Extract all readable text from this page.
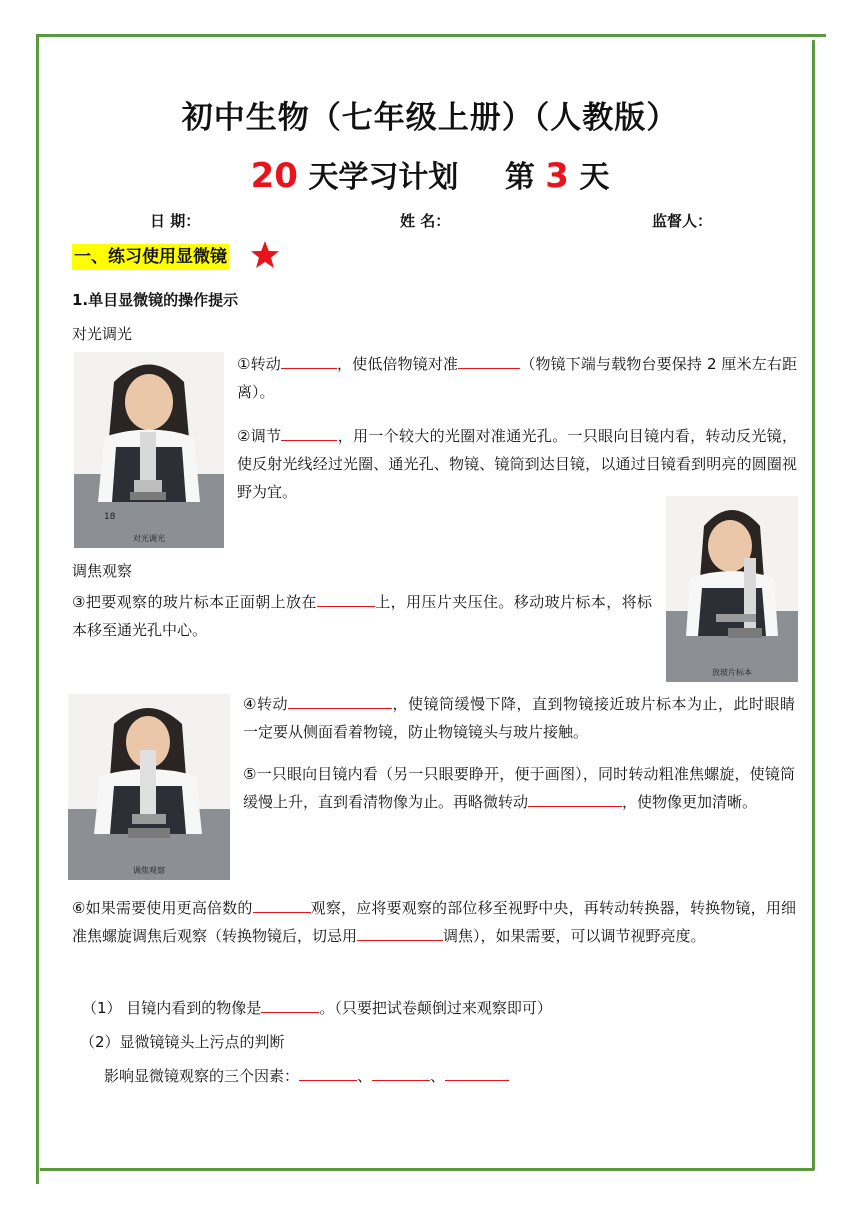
初中生物（七年级上册）（人教版）
20 天学习计划 第 3 天
日 期：	姓 名：	监督人：
一、练习使用显微镜
1.单目显微镜的操作提示
对光调光
18
对光调光
①转动	，使低倍物镜对准	（物镜下端与载物台要保持 2 厘米左右距离）。
②调节	，用一个较大的光圈对准通光孔。一只眼向目镜内看，转动反光镜，使反射光线经过光圈、通光孔、物镜、镜筒到达目镜，以通过目镜看到明亮的圆圈视野为宜。
放玻片标本
调焦观察
③把要观察的玻片标本正面朝上放在	上，用压片夹压住。移动玻片标本，将标本移至通光孔中心。
调焦观察
④转动	，使镜筒缓慢下降，直到物镜接近玻片标本为止，此时眼睛一定要从侧面看着物镜，防止物镜镜头与玻片接触。
⑤一只眼向目镜内看（另一只眼要睁开，便于画图），同时转动粗准焦螺旋，使镜筒缓慢上升，直到看清物像为止。再略微转动	，使物像更加清晰。
⑥如果需要使用更高倍数的	观察，应将要观察的部位移至视野中央，再转动转换器，转换物镜，用细准焦螺旋调焦后观察（转换物镜后，切忌用	调焦），如果需要，可以调节视野亮度。
（1） 目镜内看到的物像是	。（只要把试卷颠倒过来观察即可）
（2）显微镜镜头上污点的判断
影响显微镜观察的三个因素：	、	、
